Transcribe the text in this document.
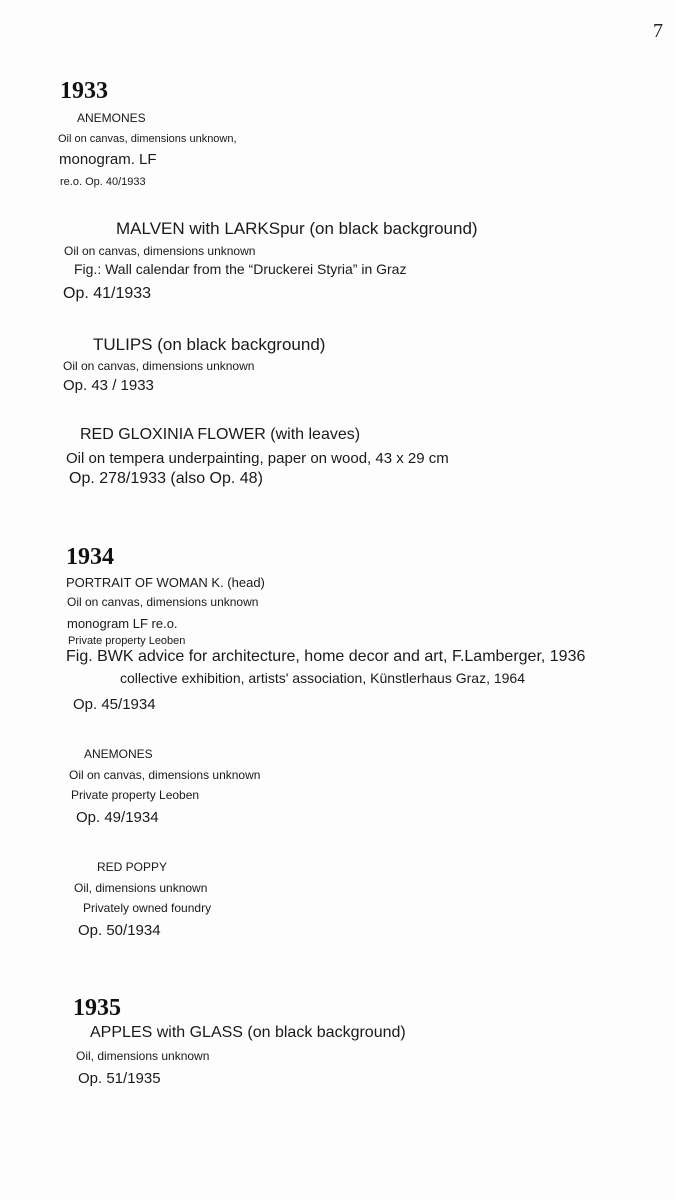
7
1933
ANEMONES
Oil on canvas, dimensions unknown,
monogram. LF
re.o. Op. 40/1933
MALVEN with LARKSpur (on black background)
Oil on canvas, dimensions unknown
Fig.: Wall calendar from the “Druckerei Styria” in Graz
Op. 41/1933
TULIPS (on black background)
Oil on canvas, dimensions unknown
Op. 43 / 1933
RED GLOXINIA FLOWER (with leaves)
Oil on tempera underpainting, paper on wood, 43 x 29 cm
Op. 278/1933 (also Op. 48)
1934
PORTRAIT OF WOMAN K. (head)
Oil on canvas, dimensions unknown
monogram LF re.o.
Private property Leoben
Fig. BWK advice for architecture, home decor and art, F.Lamberger, 1936
collective exhibition, artists' association, Künstlerhaus Graz, 1964
Op. 45/1934
ANEMONES
Oil on canvas, dimensions unknown
Private property Leoben
Op. 49/1934
RED POPPY
Oil, dimensions unknown
Privately owned foundry
Op. 50/1934
1935
APPLES with GLASS (on black background)
Oil, dimensions unknown
Op. 51/1935
